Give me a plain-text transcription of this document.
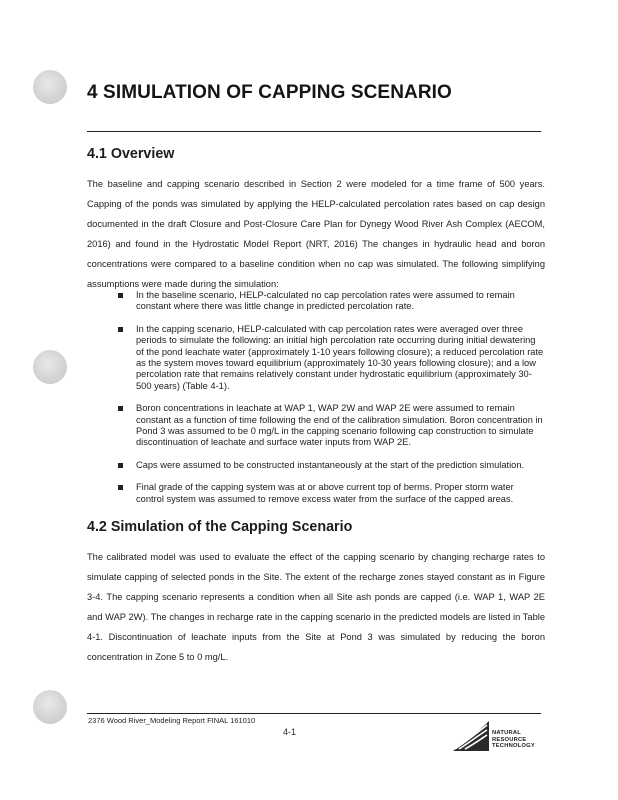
4 SIMULATION OF CAPPING SCENARIO
4.1 Overview

The baseline and capping scenario described in Section 2 were modeled for a time frame of 500 years. Capping of the ponds was simulated by applying the HELP-calculated percolation rates based on cap design documented in the draft Closure and Post-Closure Care Plan for Dynegy Wood River Ash Complex (AECOM, 2016) and found in the Hydrostatic Model Report (NRT, 2016) The changes in hydraulic head and boron concentrations were compared to a baseline condition when no cap was simulated. The following simplifying assumptions were made during the simulation:

In the baseline scenario, HELP-calculated no cap percolation rates were assumed to remain constant where there was little change in predicted percolation rate.
In the capping scenario, HELP-calculated with cap percolation rates were averaged over three periods to simulate the following: an initial high percolation rate occurring during initial dewatering of the pond leachate water (approximately 1-10 years following closure); a reduced percolation rate as the system moves toward equilibrium (approximately 10-30 years following closure); and a low percolation rate that remains relatively constant under hydrostatic equilibrium (approximately 30-500 years) (Table 4-1).
Boron concentrations in leachate at WAP 1, WAP 2W and WAP 2E were assumed to remain constant as a function of time following the end of the calibration simulation. Boron concentration in Pond 3 was assumed to be 0 mg/L in the capping scenario following cap construction to simulate discontinuation of leachate and surface water inputs from WAP 2E.
Caps were assumed to be constructed instantaneously at the start of the prediction simulation.
Final grade of the capping system was at or above current top of berms. Proper storm water control system was assumed to remove excess water from the surface of the capped areas.
4.2 Simulation of the Capping Scenario

The calibrated model was used to evaluate the effect of the capping scenario by changing recharge rates to simulate capping of selected ponds in the Site. The extent of the recharge zones stayed constant as in Figure 3-4. The capping scenario represents a condition when all Site ash ponds are capped (i.e. WAP 1, WAP 2E and WAP 2W). The changes in recharge rate in the capping scenario in the predicted models are listed in Table 4-1. Discontinuation of leachate inputs from the Site at Pond 3 was simulated by reducing the boron concentration in Zone 5 to 0 mg/L.

2376 Wood River_Modeling Report FINAL 161010
4-1	NATURAL
RESOURCE
TECHNOLOGY
